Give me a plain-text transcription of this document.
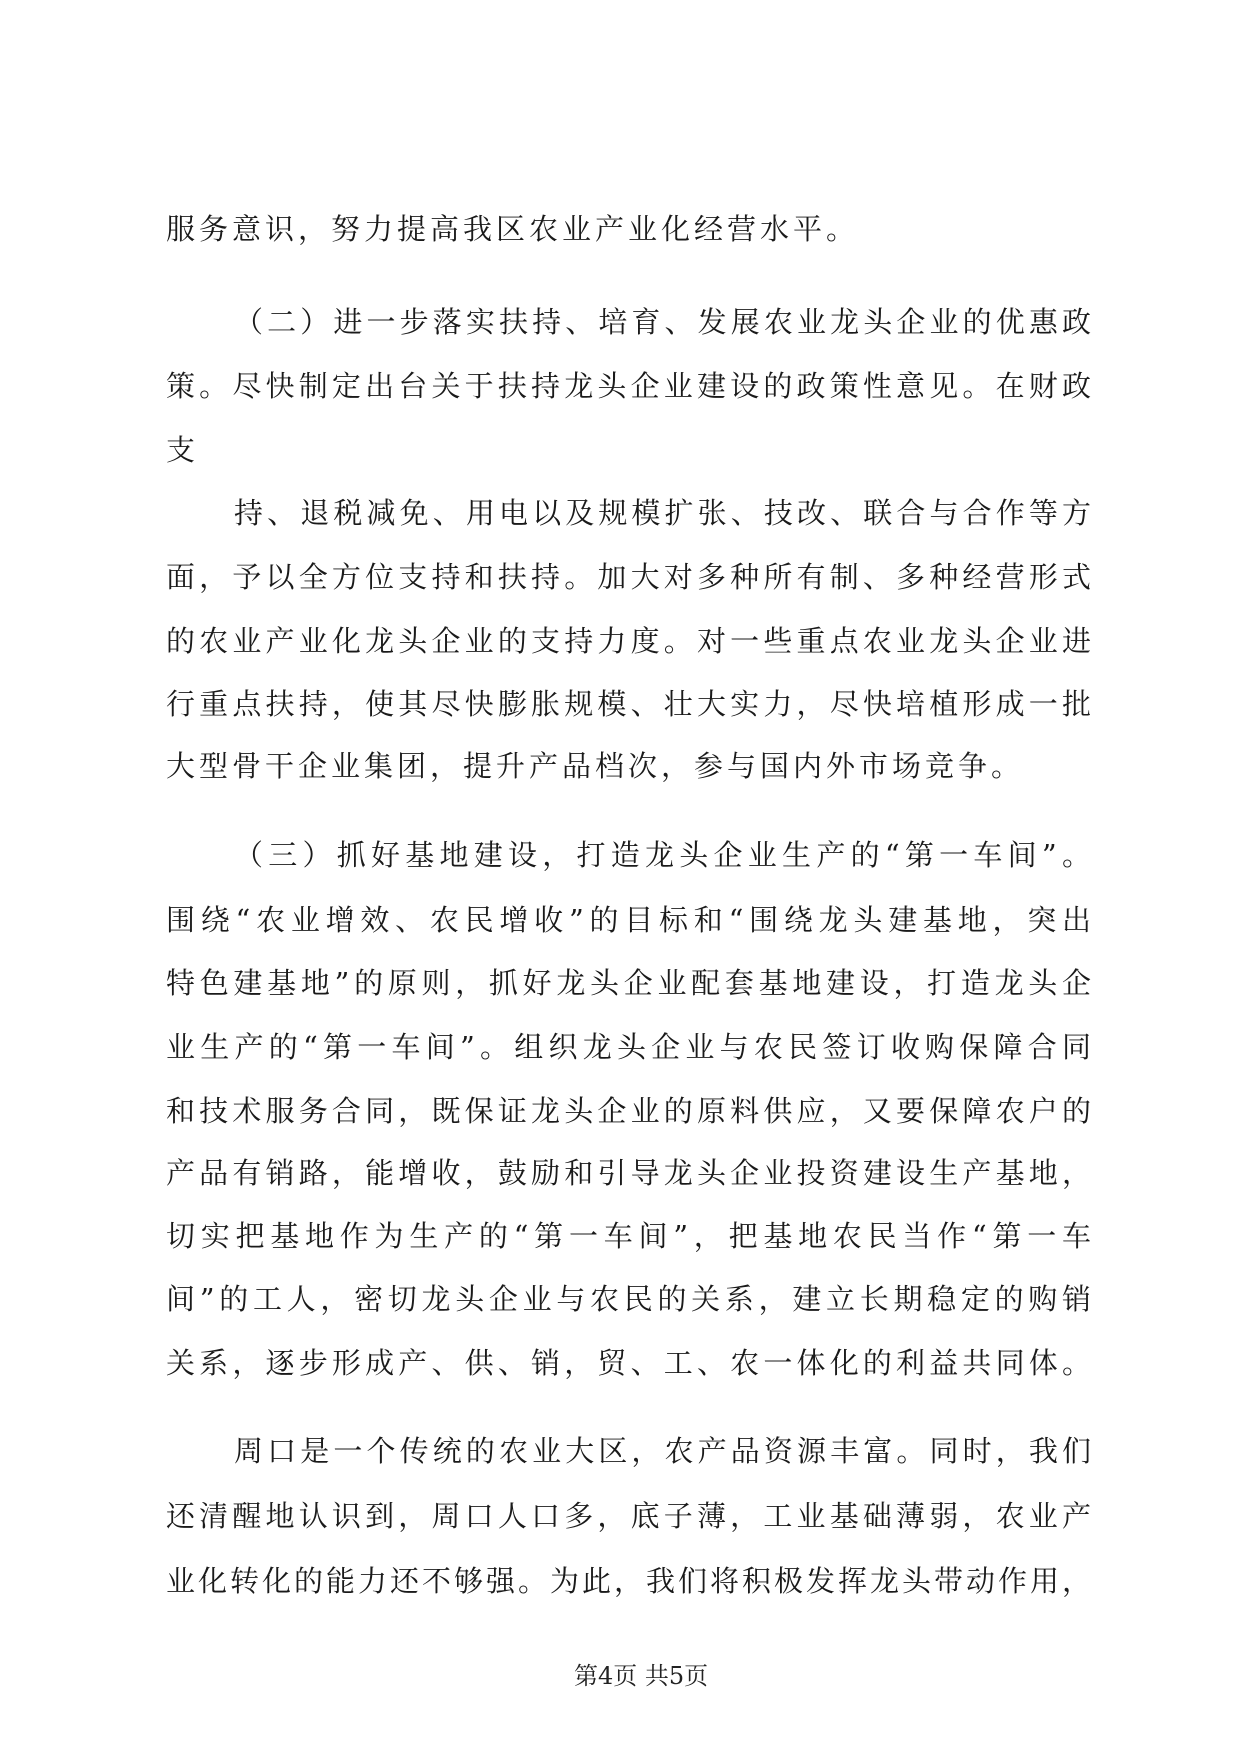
服务意识，努力提高我区农业产业化经营水平。
（二）进一步落实扶持、培育、发展农业龙头企业的优惠政
策。尽快制定出台关于扶持龙头企业建设的政策性意见。在财政
支
持、退税减免、用电以及规模扩张、技改、联合与合作等方
面，予以全方位支持和扶持。加大对多种所有制、多种经营形式
的农业产业化龙头企业的支持力度。对一些重点农业龙头企业进
行重点扶持，使其尽快膨胀规模、壮大实力，尽快培植形成一批
大型骨干企业集团，提升产品档次，参与国内外市场竞争。
（三）抓好基地建设，打造龙头企业生产的“第一车间”。
围绕“农业增效、农民增收”的目标和“围绕龙头建基地，突出
特色建基地”的原则，抓好龙头企业配套基地建设，打造龙头企
业生产的“第一车间”。组织龙头企业与农民签订收购保障合同
和技术服务合同，既保证龙头企业的原料供应，又要保障农户的
产品有销路，能增收，鼓励和引导龙头企业投资建设生产基地，
切实把基地作为生产的“第一车间”，把基地农民当作“第一车
间”的工人，密切龙头企业与农民的关系，建立长期稳定的购销
关系，逐步形成产、供、销，贸、工、农一体化的利益共同体。
周口是一个传统的农业大区，农产品资源丰富。同时，我们
还清醒地认识到，周口人口多，底子薄，工业基础薄弱，农业产
业化转化的能力还不够强。为此，我们将积极发挥龙头带动作用，
第4页 共5页
